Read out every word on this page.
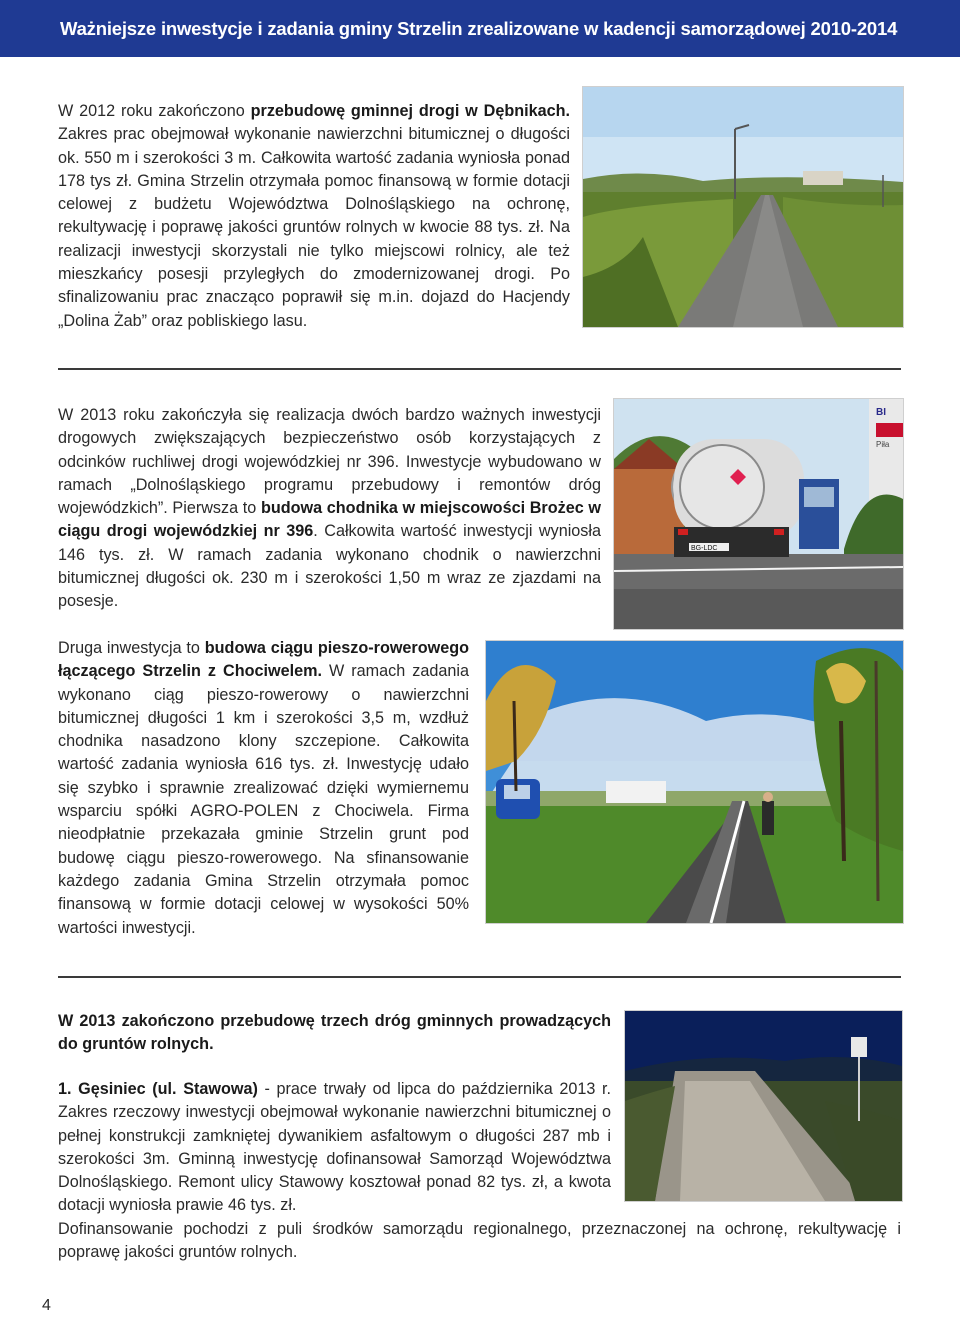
Ważniejsze inwestycje i zadania gminy Strzelin zrealizowane w kadencji samorządowej 2010-2014

W 2012 roku zakończono przebudowę gminnej drogi w Dębnikach. Zakres prac obejmował wykonanie nawierzchni bitumicznej o długości ok. 550 m i szerokości 3 m. Całkowita wartość zadania wyniosła ponad 178 tys zł. Gmina Strzelin otrzymała pomoc finansową w formie dotacji celowej z budżetu Województwa Dolnośląskiego na ochronę, rekultywację i poprawę jakości gruntów rolnych w kwocie 88 tys. zł. Na realizacji inwestycji skorzystali nie tylko miejscowi rolnicy, ale też mieszkańcy posesji przyległych do zmodernizowanej drogi. Po sfinalizowaniu prac znacząco poprawił się m.in. dojazd do Hacjendy „Dolina Żab” oraz pobliskiego lasu.

W 2013 roku zakończyła się realizacja dwóch bardzo ważnych inwestycji drogowych zwiększających bezpieczeństwo osób korzystających z odcinków ruchliwej drogi wojewódzkiej nr 396. Inwestycje wybudowano w ramach „Dolnośląskiego programu przebudowy i remontów dróg wojewódzkich”. Pierwsza to budowa chodnika w miejscowości Brożec w ciągu drogi wojewódzkiej nr 396. Całkowita wartość inwestycji wyniosła 146 tys. zł. W ramach zadania wykonano chodnik o nawierzchni bitumicznej długości ok. 230 m i szerokości 1,50 m wraz ze zjazdami na posesje.

BI
Piła
BG-LDC

Druga inwestycja to budowa ciągu pieszo-rowerowego łączącego Strzelin z Chociwelem. W ramach zadania wykonano ciąg pieszo-rowerowy o nawierzchni bitumicznej długości 1 km i szerokości 3,5 m, wzdłuż chodnika nasadzono klony szczepione. Całkowita wartość zadania wyniosła 616 tys. zł. Inwestycję udało się szybko i sprawnie zrealizować dzięki wymiernemu wsparciu spółki AGRO-POLEN z Chociwela. Firma nieodpłatnie przekazała gminie Strzelin grunt pod budowę ciągu pieszo-rowerowego. Na sfinansowanie każdego zadania Gmina Strzelin otrzymała pomoc finansową w formie dotacji celowej w wysokości 50% wartości inwestycji.

W 2013 zakończono przebudowę trzech dróg gminnych prowadzących do gruntów rolnych.

1. Gęsiniec (ul. Stawowa) - prace trwały od lipca do października 2013 r. Zakres rzeczowy inwestycji obejmował wykonanie nawierzchni bitumicznej o pełnej konstrukcji zamkniętej dywanikiem asfaltowym o długości 287 mb i szerokości 3m. Gminną inwestycję dofinansował Samorząd Województwa Dolnośląskiego. Remont ulicy Stawowy kosztował ponad 82 tys. zł, a kwota dotacji wyniosła prawie 46 tys. zł.

Dofinansowanie pochodzi z puli środków samorządu regionalnego, przeznaczonej na ochronę, rekultywację i poprawę jakości gruntów rolnych.

4
